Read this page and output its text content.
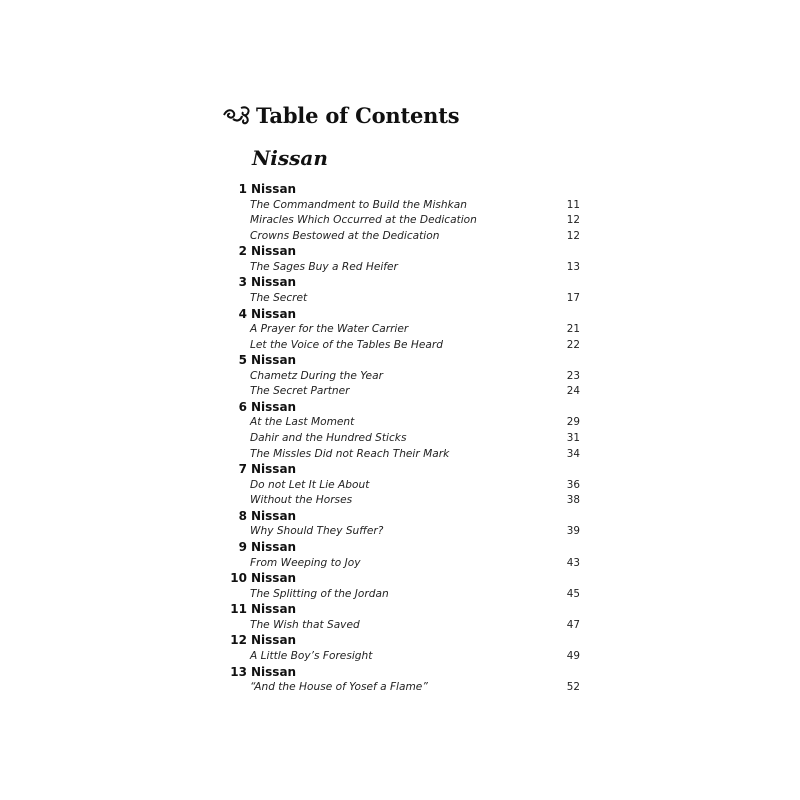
Table of Contents
Nissan
1 Nissan
The Commandment to Build the Mishkan	11
Miracles Which Occurred at the Dedication	12
Crowns Bestowed at the Dedication	12
2 Nissan
The Sages Buy a Red Heifer	13
3 Nissan
The Secret	17
4 Nissan
A Prayer for the Water Carrier	21
Let the Voice of the Tables Be Heard	22
5 Nissan
Chametz During the Year	23
The Secret Partner	24
6 Nissan
At the Last Moment	29
Dahir and the Hundred Sticks	31
The Missles Did not Reach Their Mark	34
7 Nissan
Do not Let It Lie About	36
Without the Horses	38
8 Nissan
Why Should They Suffer?	39
9 Nissan
From Weeping to Joy	43
10 Nissan
The Splitting of the Jordan	45
11 Nissan
The Wish that Saved	47
12 Nissan
A Little Boy’s Foresight	49
13 Nissan
“And the House of Yosef a Flame”	52
